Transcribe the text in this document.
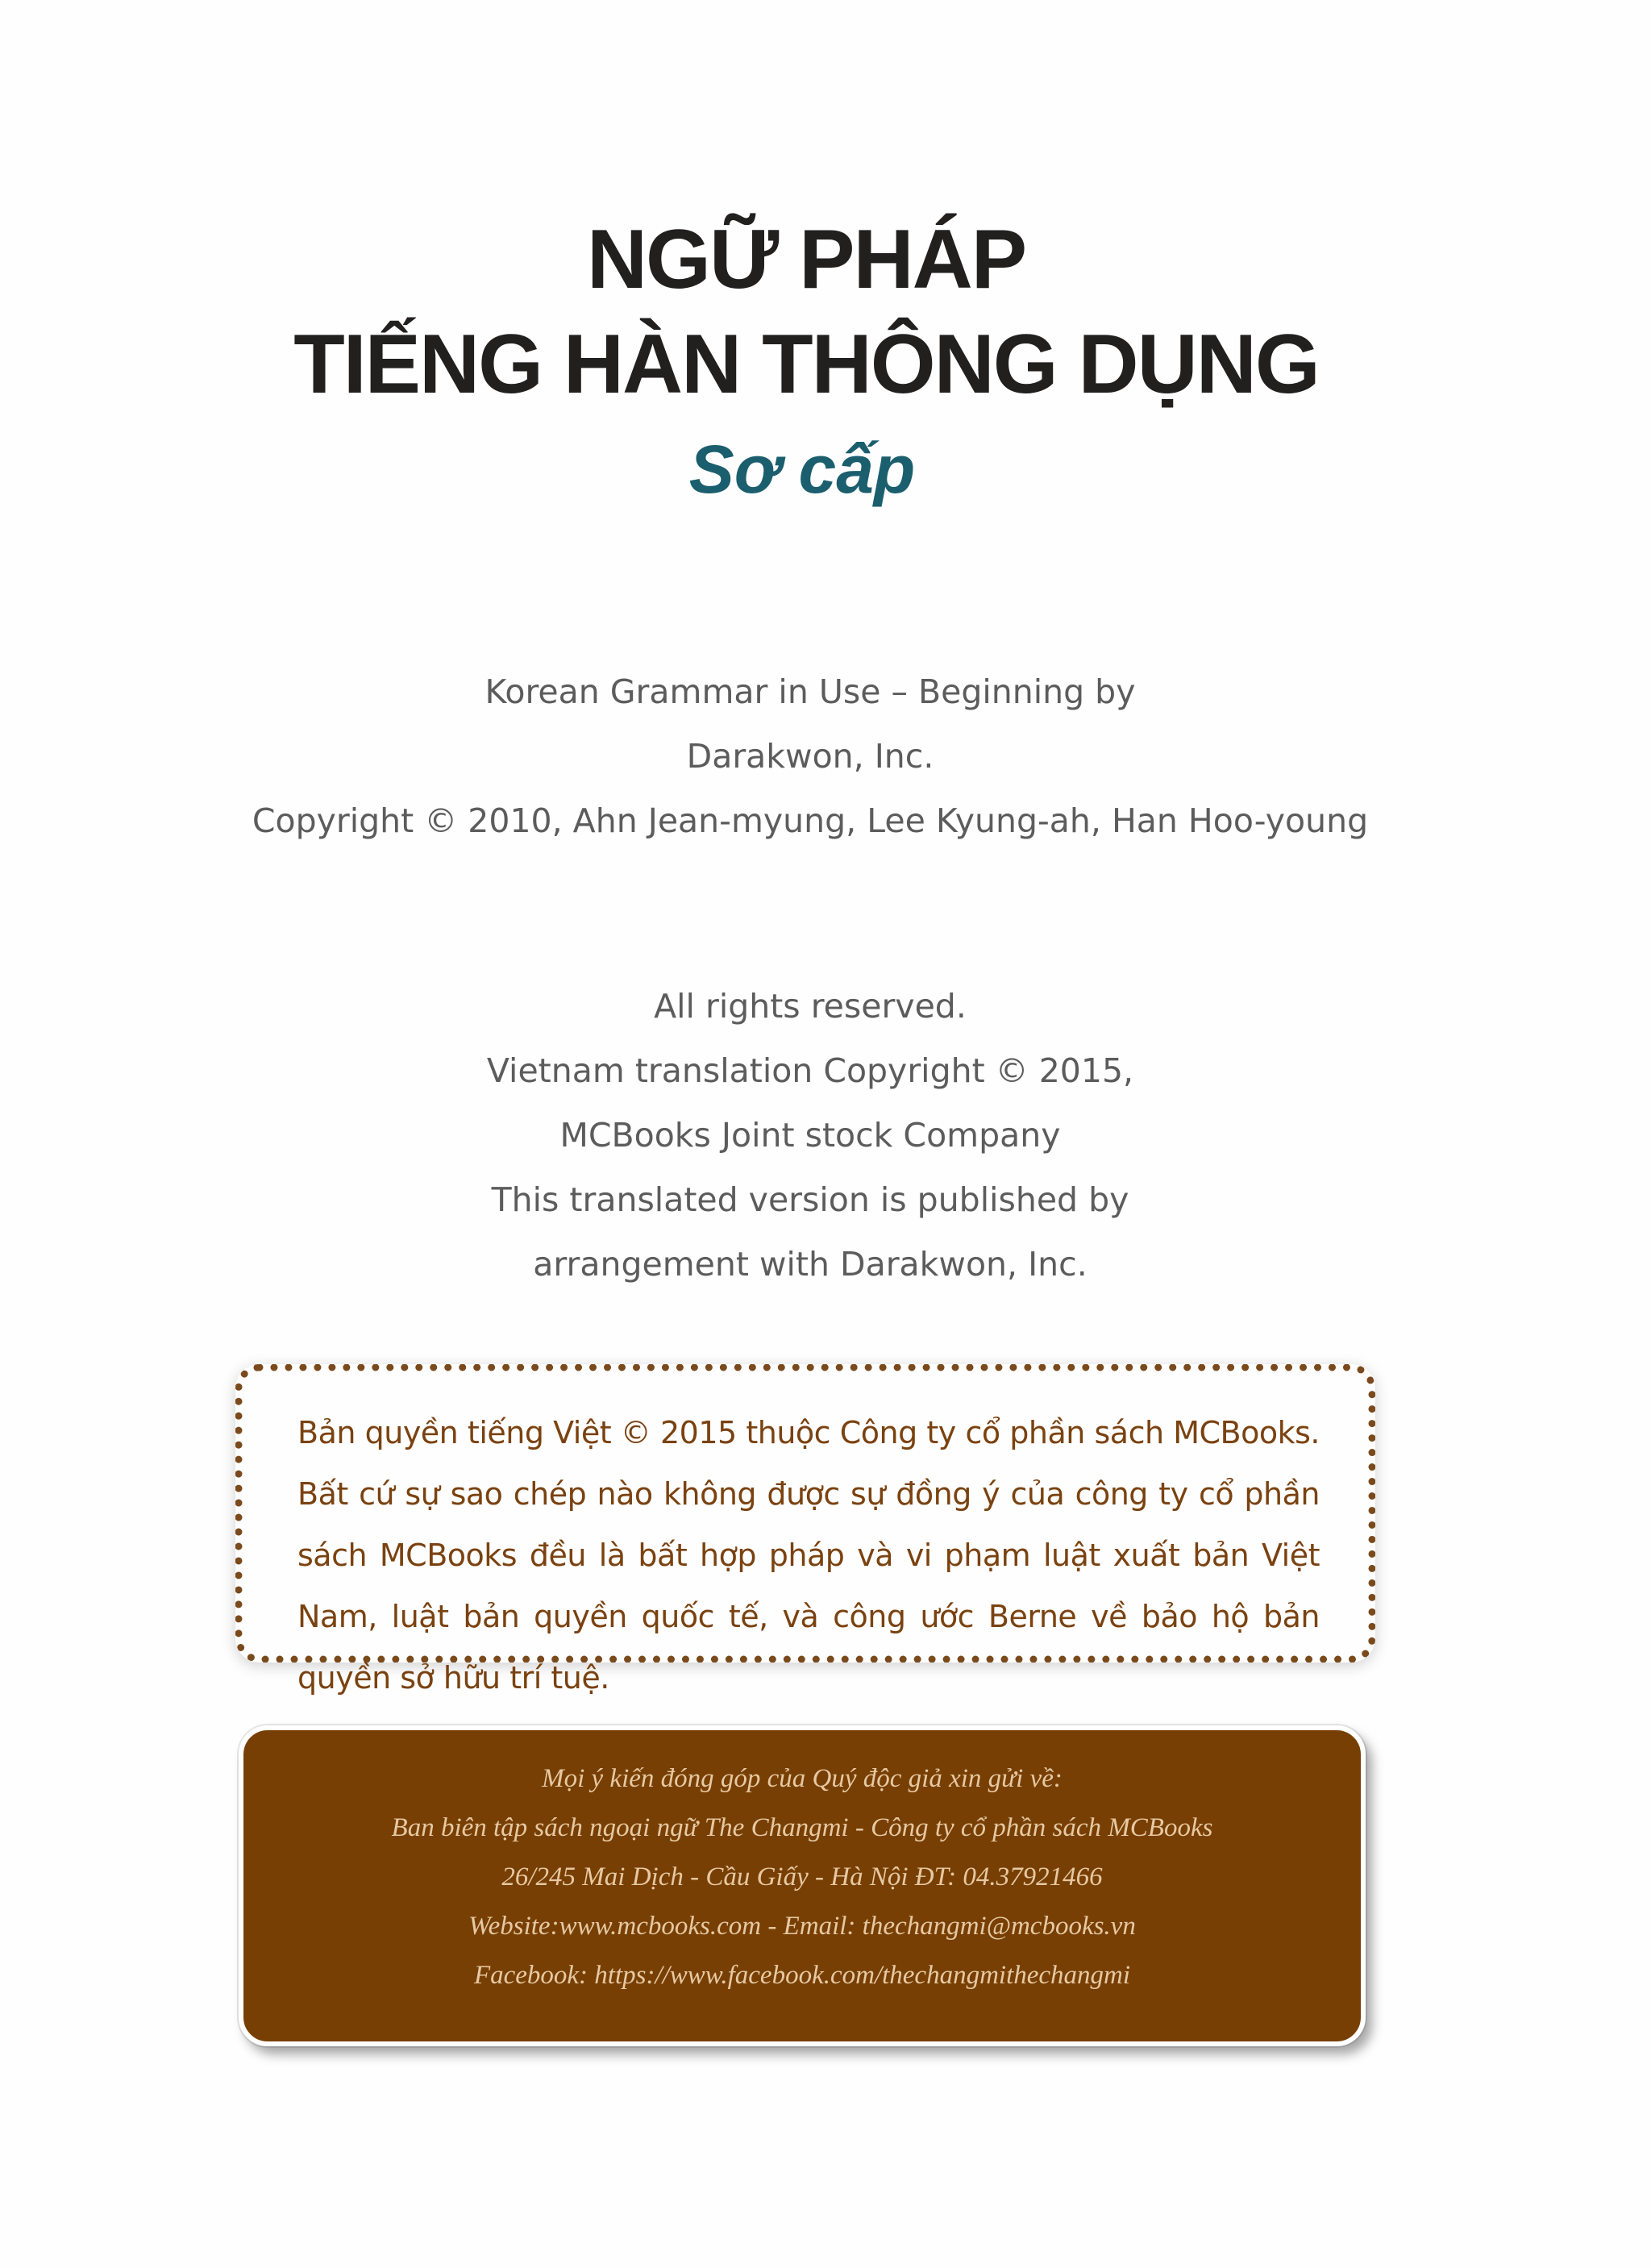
NGỮ PHÁP
TIẾNG HÀN THÔNG DỤNG
Sơ cấp
Korean Grammar in Use – Beginning by
Darakwon, Inc.
Copyright © 2010, Ahn Jean-myung, Lee Kyung-ah, Han Hoo-young
All rights reserved.
Vietnam translation Copyright © 2015,
MCBooks Joint stock Company
This translated version is published by
arrangement with Darakwon, Inc.

Bản quyền tiếng Việt © 2015 thuộc Công ty cổ phần sách MCBooks. Bất cứ sự sao chép nào không được sự đồng ý của công ty cổ phần sách MCBooks đều là bất hợp pháp và vi phạm luật xuất bản Việt Nam, luật bản quyền quốc tế, và công ước Berne về bảo hộ bản quyền sở hữu trí tuệ.

Mọi ý kiến đóng góp của Quý độc giả xin gửi về:
Ban biên tập sách ngoại ngữ The Changmi - Công ty cổ phần sách MCBooks
26/245 Mai Dịch - Cầu Giấy - Hà Nội ĐT: 04.37921466
Website:www.mcbooks.com - Email: thechangmi@mcbooks.vn
Facebook: https://www.facebook.com/thechangmithechangmi
